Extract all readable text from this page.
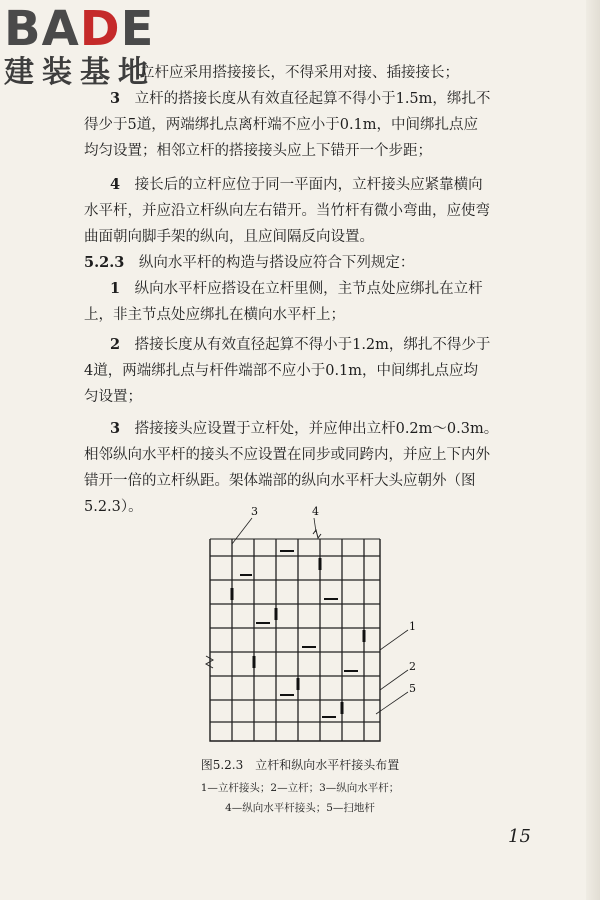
BADE
建装基地
立杆应采用搭接接长，不得采用对接、插接接长；
3　 立杆的搭接长度从有效直径起算不得小于1.5m，绑扎不
得少于5道，两端绑扎点离杆端不应小于0.1m，中间绑扎点应
均匀设置；相邻立杆的搭接接头应上下错开一个步距；
4　 接长后的立杆应位于同一平面内，立杆接头应紧靠横向
水平杆，并应沿立杆纵向左右错开。当竹杆有微小弯曲，应使弯
曲面朝向脚手架的纵向，且应间隔反向设置。
5.2.3　 纵向水平杆的构造与搭设应符合下列规定：
1　 纵向水平杆应搭设在立杆里侧，主节点处应绑扎在立杆
上，非主节点处应绑扎在横向水平杆上；
2　 搭接长度从有效直径起算不得小于1.2m，绑扎不得少于
4道，两端绑扎点与杆件端部不应小于0.1m，中间绑扎点应均
匀设置；
3　 搭接接头应设置于立杆处，并应伸出立杆0.2m～0.3m。
相邻纵向水平杆的接头不应设置在同步或同跨内，并应上下内外
错开一倍的立杆纵距。架体端部的纵向水平杆大头应朝外（图
5.2.3）。	3	4
1
2
5
图5.2.3　立杆和纵向水平杆接头布置
1—立杆接头；2—立杆；3—纵向水平杆；
4—纵向水平杆接头；5—扫地杆
15
